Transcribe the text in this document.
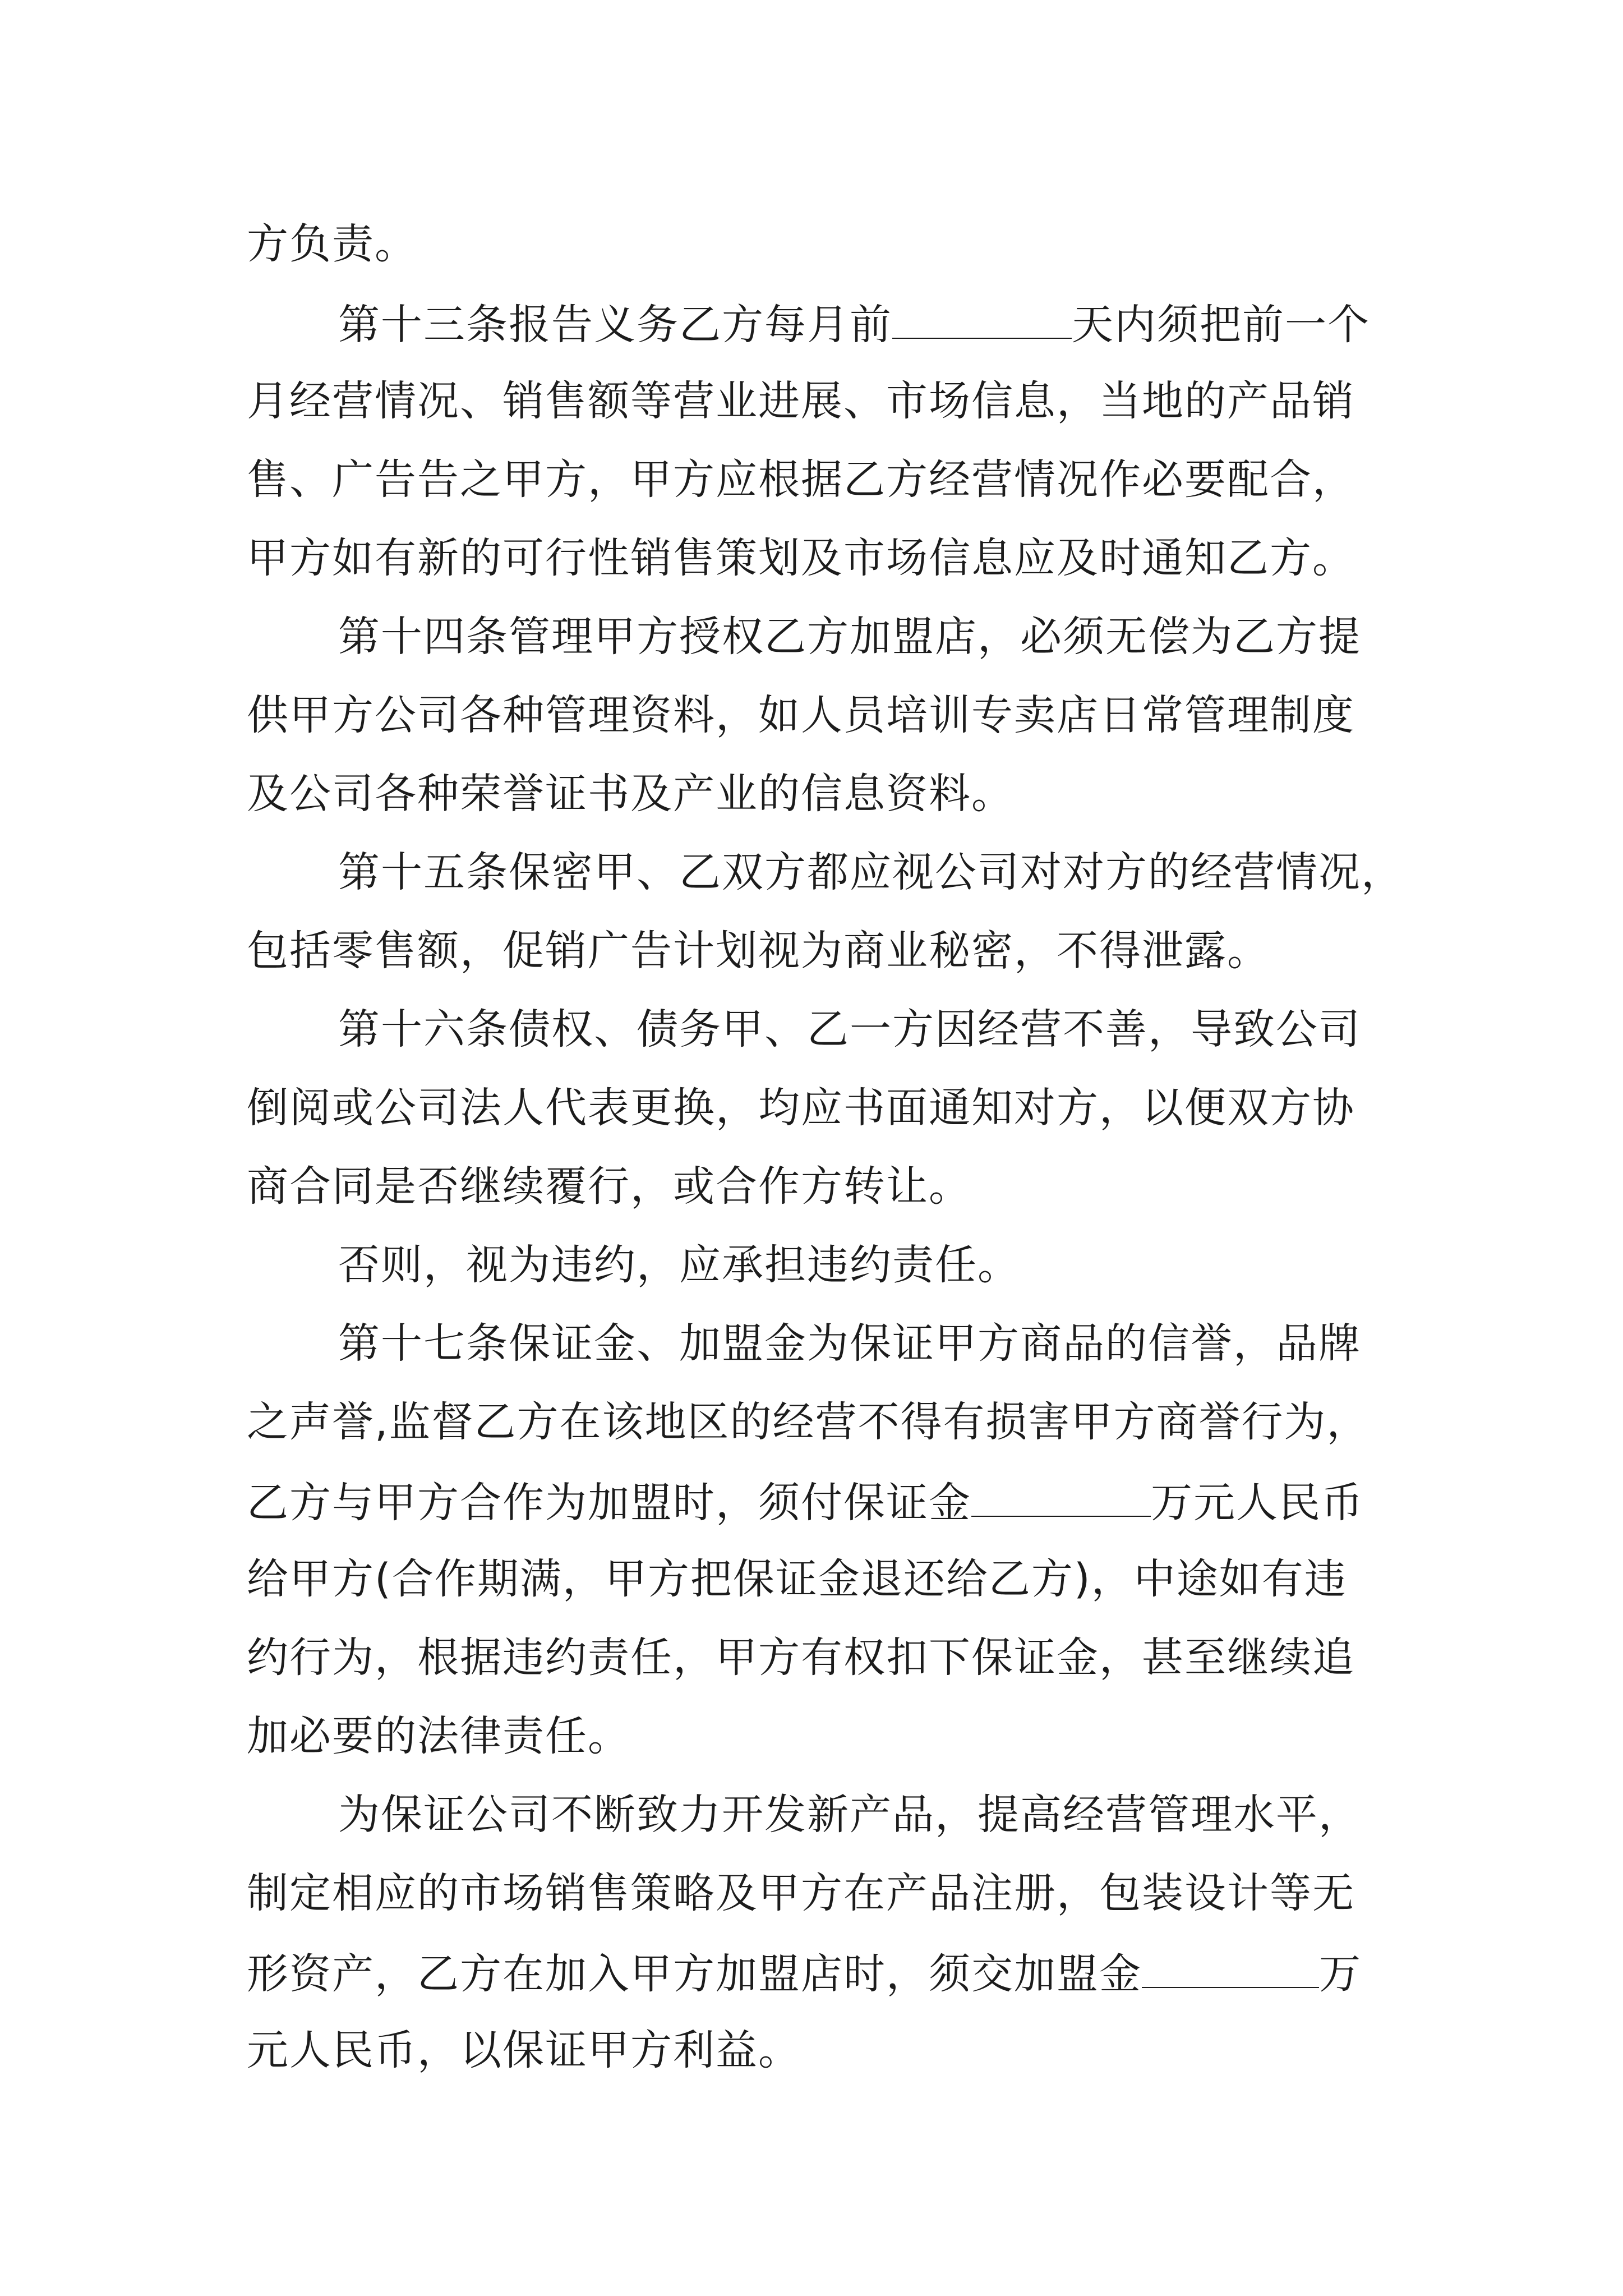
方负责。
第十三条报告义务乙方每月前	天内须把前一个
月经营情况、销售额等营业进展、市场信息，当地的产品销
售、广告告之甲方，甲方应根据乙方经营情况作必要配合，
甲方如有新的可行性销售策划及市场信息应及时通知乙方。
第十四条管理甲方授权乙方加盟店，必须无偿为乙方提
供甲方公司各种管理资料，如人员培训专卖店日常管理制度
及公司各种荣誉证书及产业的信息资料。
第十五条保密甲、乙双方都应视公司对对方的经营情况，
包括零售额，促销广告计划视为商业秘密，不得泄露。
第十六条债权、债务甲、乙一方因经营不善，导致公司
倒阅或公司法人代表更换，均应书面通知对方，以便双方协
商合同是否继续覆行，或合作方转让。
否则，视为违约，应承担违约责任。
第十七条保证金、加盟金为保证甲方商品的信誉，品牌
之声誉,监督乙方在该地区的经营不得有损害甲方商誉行为，
乙方与甲方合作为加盟时，须付保证金	万元人民币
给甲方(合作期满，甲方把保证金退还给乙方)，中途如有违
约行为，根据违约责任，甲方有权扣下保证金，甚至继续追
加必要的法律责任。
为保证公司不断致力开发新产品，提高经营管理水平，
制定相应的市场销售策略及甲方在产品注册，包装设计等无
形资产，乙方在加入甲方加盟店时，须交加盟金	万
元人民币，以保证甲方利益。
